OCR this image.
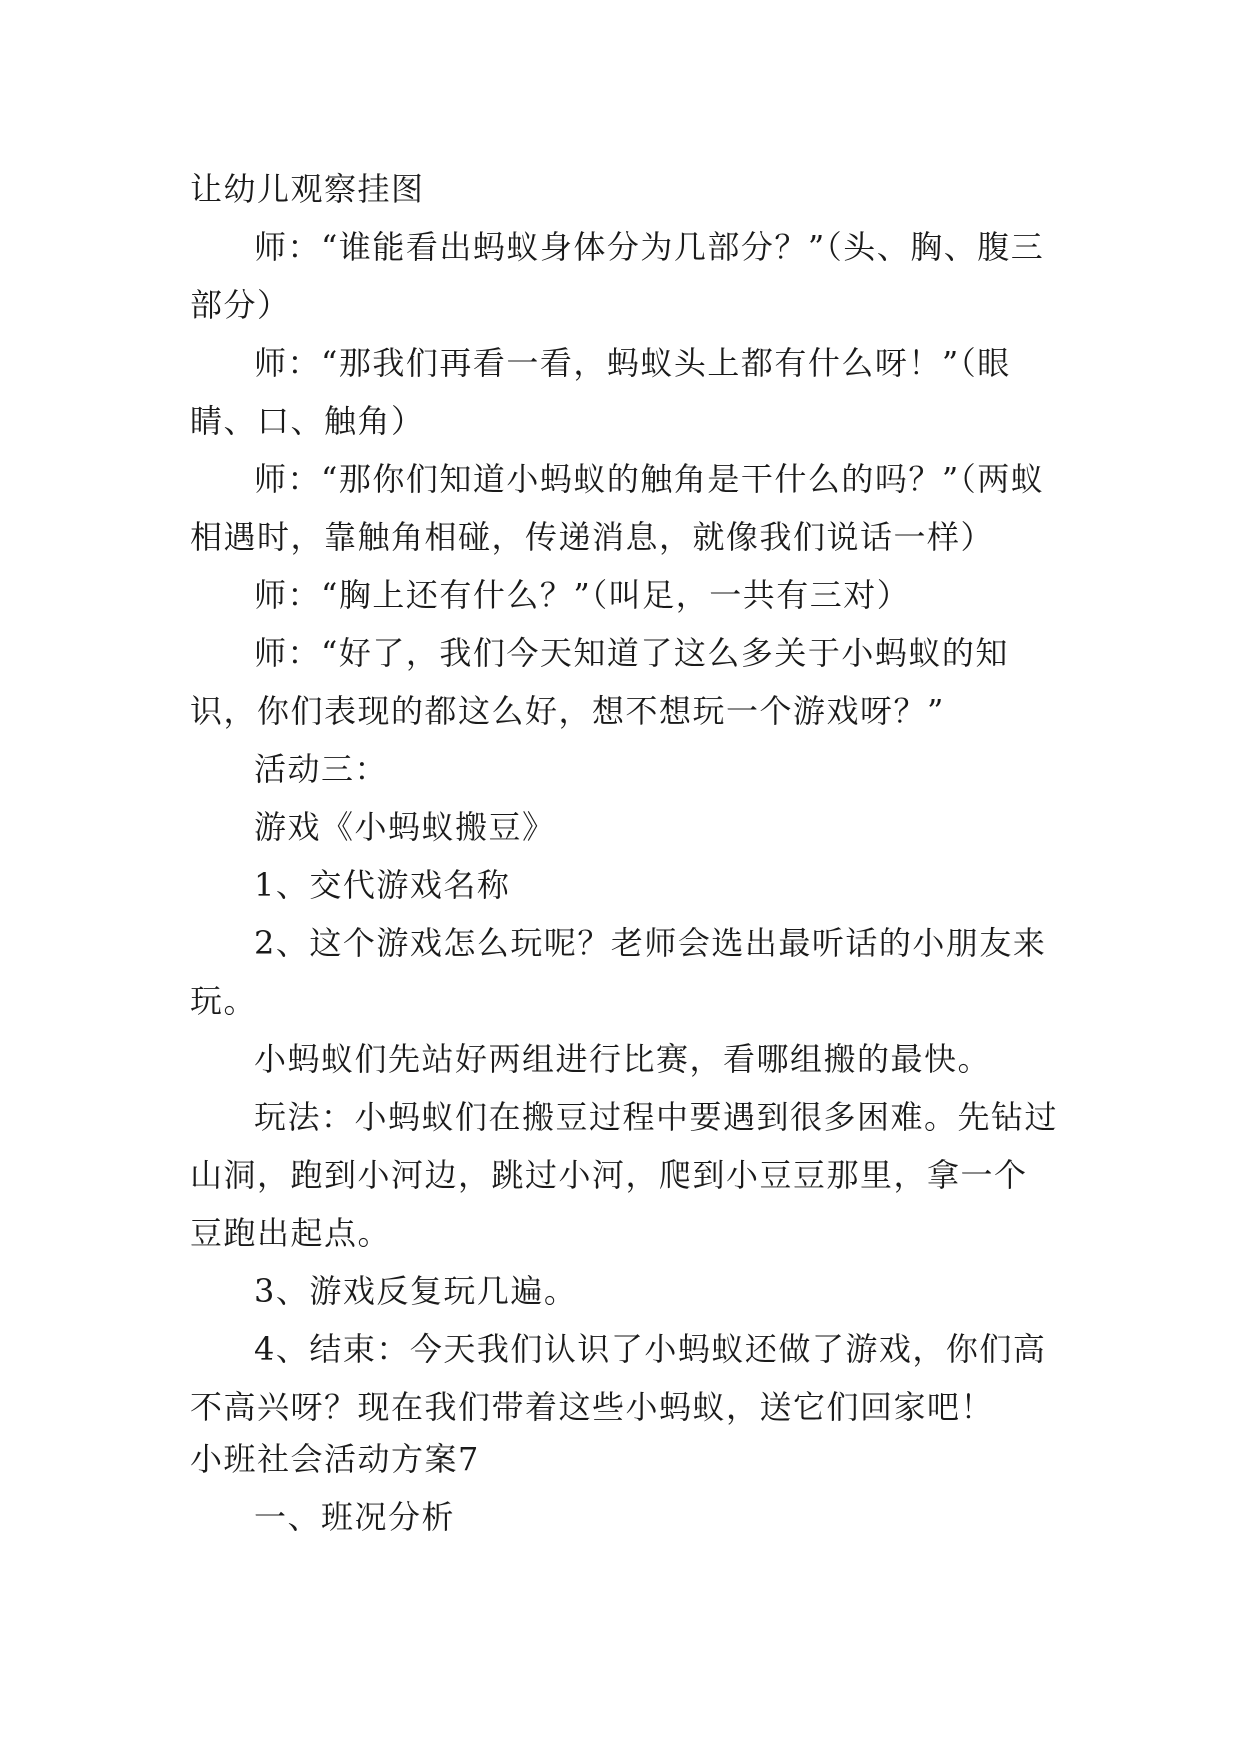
让幼儿观察挂图

师：“谁能看出蚂蚁身体分为几部分？”（头、胸、腹三部分）

师：“那我们再看一看，蚂蚁头上都有什么呀！”（眼睛、口、触角）

师：“那你们知道小蚂蚁的触角是干什么的吗？”（两蚁相遇时，靠触角相碰，传递消息，就像我们说话一样）

师：“胸上还有什么？”（叫足，一共有三对）

师：“好了，我们今天知道了这么多关于小蚂蚁的知识，你们表现的都这么好，想不想玩一个游戏呀？”

活动三：

游戏《小蚂蚁搬豆》

1、交代游戏名称

2、这个游戏怎么玩呢？老师会选出最听话的小朋友来玩。

小蚂蚁们先站好两组进行比赛，看哪组搬的最快。

玩法：小蚂蚁们在搬豆过程中要遇到很多困难。先钻过山洞，跑到小河边，跳过小河，爬到小豆豆那里，拿一个豆跑出起点。

3、游戏反复玩几遍。

4、结束：今天我们认识了小蚂蚁还做了游戏，你们高不高兴呀？现在我们带着这些小蚂蚁，送它们回家吧！

小班社会活动方案7

一、班况分析
